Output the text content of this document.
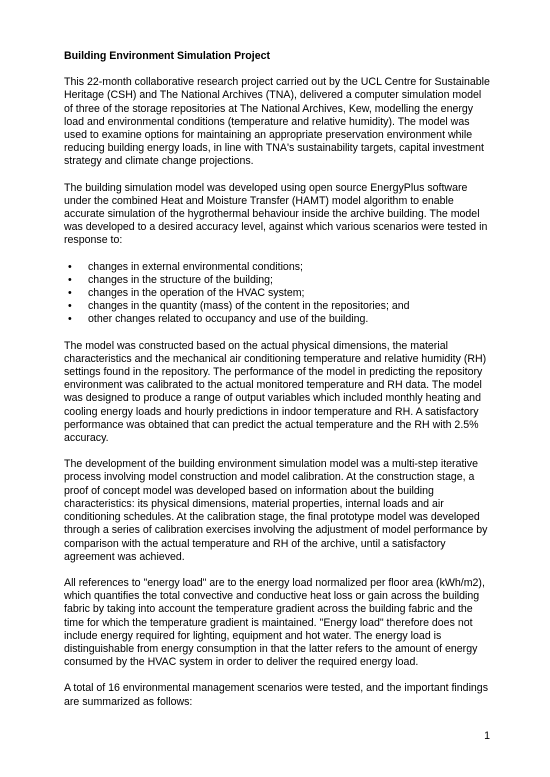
Building Environment Simulation Project

This 22-month collaborative research project carried out by the UCL Centre for Sustainable Heritage (CSH) and The National Archives (TNA), delivered a computer simulation model of three of the storage repositories at The National Archives, Kew, modelling the energy load and environmental conditions (temperature and relative humidity). The model was used to examine options for maintaining an appropriate preservation environment while reducing building energy loads, in line with TNA's sustainability targets, capital investment strategy and climate change projections.

The building simulation model was developed using open source EnergyPlus software under the combined Heat and Moisture Transfer (HAMT) model algorithm to enable accurate simulation of the hygrothermal behaviour inside the archive building. The model was developed to a desired accuracy level, against which various scenarios were tested in response to:

• changes in external environmental conditions;
• changes in the structure of the building;
• changes in the operation of the HVAC system;
• changes in the quantity (mass) of the content in the repositories; and
• other changes related to occupancy and use of the building.

The model was constructed based on the actual physical dimensions, the material characteristics and the mechanical air conditioning temperature and relative humidity (RH) settings found in the repository. The performance of the model in predicting the repository environment was calibrated to the actual monitored temperature and RH data. The model was designed to produce a range of output variables which included monthly heating and cooling energy loads and hourly predictions in indoor temperature and RH. A satisfactory performance was obtained that can predict the actual temperature and the RH with 2.5% accuracy.

The development of the building environment simulation model was a multi-step iterative process involving model construction and model calibration. At the construction stage, a proof of concept model was developed based on information about the building characteristics: its physical dimensions, material properties, internal loads and air conditioning schedules. At the calibration stage, the final prototype model was developed through a series of calibration exercises involving the adjustment of model performance by comparison with the actual temperature and RH of the archive, until a satisfactory agreement was achieved.

All references to "energy load" are to the energy load normalized per floor area (kWh/m2), which quantifies the total convective and conductive heat loss or gain across the building fabric by taking into account the temperature gradient across the building fabric and the time for which the temperature gradient is maintained. "Energy load" therefore does not include energy required for lighting, equipment and hot water. The energy load is distinguishable from energy consumption in that the latter refers to the amount of energy consumed by the HVAC system in order to deliver the required energy load.

A total of 16 environmental management scenarios were tested, and the important findings are summarized as follows:

1
